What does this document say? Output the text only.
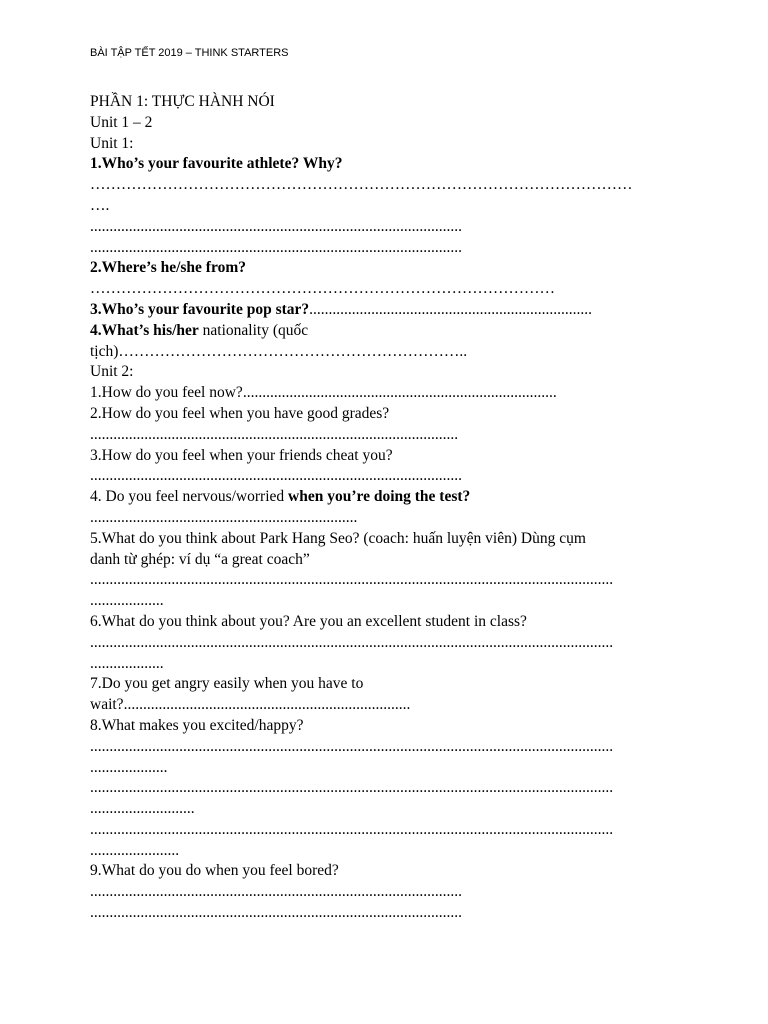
BÀI TẬP TẾT 2019 – THINK STARTERS
PHẦN 1: THỰC HÀNH NÓI
Unit 1 – 2
Unit 1:
1.Who’s your favourite athlete? Why?
……………………………………………………………………………………………
….
................................................................................................
................................................................................................
2.Where’s he/she from?
………………………………………………………………………………
3.Who’s your favourite pop star?.........................................................................
4.What’s his/her nationality (quốc
tịch)…………………………………………………………..
Unit 2:
1.How do you feel now?.................................................................................
2.How do you feel when you have good grades?
...............................................................................................
3.How do you feel when your friends cheat you?
................................................................................................
4. Do you feel nervous/worried when you’re doing the test?
.....................................................................
5.What do you think about Park Hang Seo? (coach: huấn luyện viên) Dùng cụm
danh từ ghép: ví dụ “a great coach”
.......................................................................................................................................
...................
6.What do you think about you? Are you an excellent student in class?
.......................................................................................................................................
...................
7.Do you get angry easily when you have to
wait?..........................................................................
8.What makes you excited/happy?
.......................................................................................................................................
....................
.......................................................................................................................................
...........................
.......................................................................................................................................
.......................
9.What do you do when you feel bored?
................................................................................................
................................................................................................
